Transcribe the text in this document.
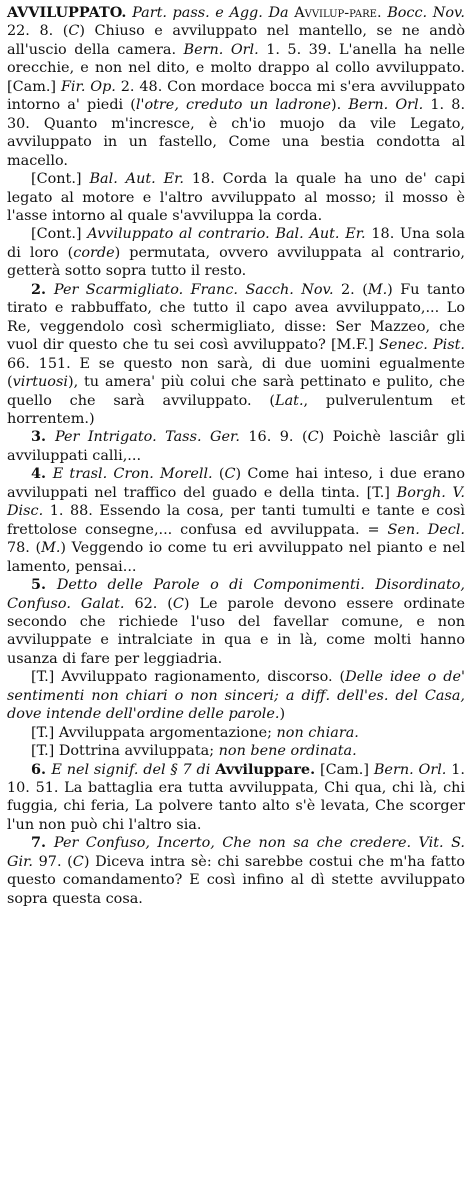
AVVILUPPATO. Part. pass. e Agg. Da Avvilup-pare. Bocc. Nov. 22. 8. (C) Chiuso e avviluppato nel mantello, se ne andò all'uscio della camera. Bern. Orl. 1. 5. 39. L'anella ha nelle orecchie, e non nel dito, e molto drappo al collo avviluppato. [Cam.] Fir. Op. 2. 48. Con mordace bocca mi s'era avviluppato intorno a' piedi (l'otre, creduto un ladrone). Bern. Orl. 1. 8. 30. Quanto m'incresce, è ch'io muojo da vile Legato, avviluppato in un fastello, Come una bestia condotta al macello.

[Cont.] Bal. Aut. Er. 18. Corda la quale ha uno de' capi legato al motore e l'altro avviluppato al mosso; il mosso è l'asse intorno al quale s'avviluppa la corda.

[Cont.] Avviluppato al contrario. Bal. Aut. Er. 18. Una sola di loro (corde) permutata, ovvero avviluppata al contrario, getterà sotto sopra tutto il resto.

2. Per Scarmigliato. Franc. Sacch. Nov. 2. (M.) Fu tanto tirato e rabbuffato, che tutto il capo avea avviluppato,... Lo Re, veggendolo così schermigliato, disse: Ser Mazzeo, che vuol dir questo che tu sei così avviluppato? [M.F.] Senec. Pist. 66. 151. E se questo non sarà, di due uomini egualmente (virtuosi), tu amera' più colui che sarà pettinato e pulito, che quello che sarà avviluppato. (Lat., pulverulentum et horrentem.)

3. Per Intrigato. Tass. Ger. 16. 9. (C) Poichè lasciâr gli avviluppati calli,...

4. E trasl. Cron. Morell. (C) Come hai inteso, i due erano avviluppati nel traffico del guado e della tinta. [T.] Borgh. V. Disc. 1. 88. Essendo la cosa, per tanti tumulti e tante e così frettolose consegne,... confusa ed avviluppata. = Sen. Decl. 78. (M.) Veggendo io come tu eri avviluppato nel pianto e nel lamento, pensai...

5. Detto delle Parole o di Componimenti. Disordinato, Confuso. Galat. 62. (C) Le parole devono essere ordinate secondo che richiede l'uso del favellar comune, e non avviluppate e intralciate in qua e in là, come molti hanno usanza di fare per leggiadria.

[T.] Avviluppato ragionamento, discorso. (Delle idee o de' sentimenti non chiari o non sinceri; a diff. dell'es. del Casa, dove intende dell'ordine delle parole.)

[T.] Avviluppata argomentazione; non chiara.

[T.] Dottrina avviluppata; non bene ordinata.

6. E nel signif. del § 7 di Avviluppare. [Cam.] Bern. Orl. 1. 10. 51. La battaglia era tutta avviluppata, Chi qua, chi là, chi fuggia, chi feria, La polvere tanto alto s'è levata, Che scorger l'un non può chi l'altro sia.

7. Per Confuso, Incerto, Che non sa che credere. Vit. S. Gir. 97. (C) Diceva intra sè: chi sarebbe costui che m'ha fatto questo comandamento? E così infino al dì stette avviluppato sopra questa cosa.
